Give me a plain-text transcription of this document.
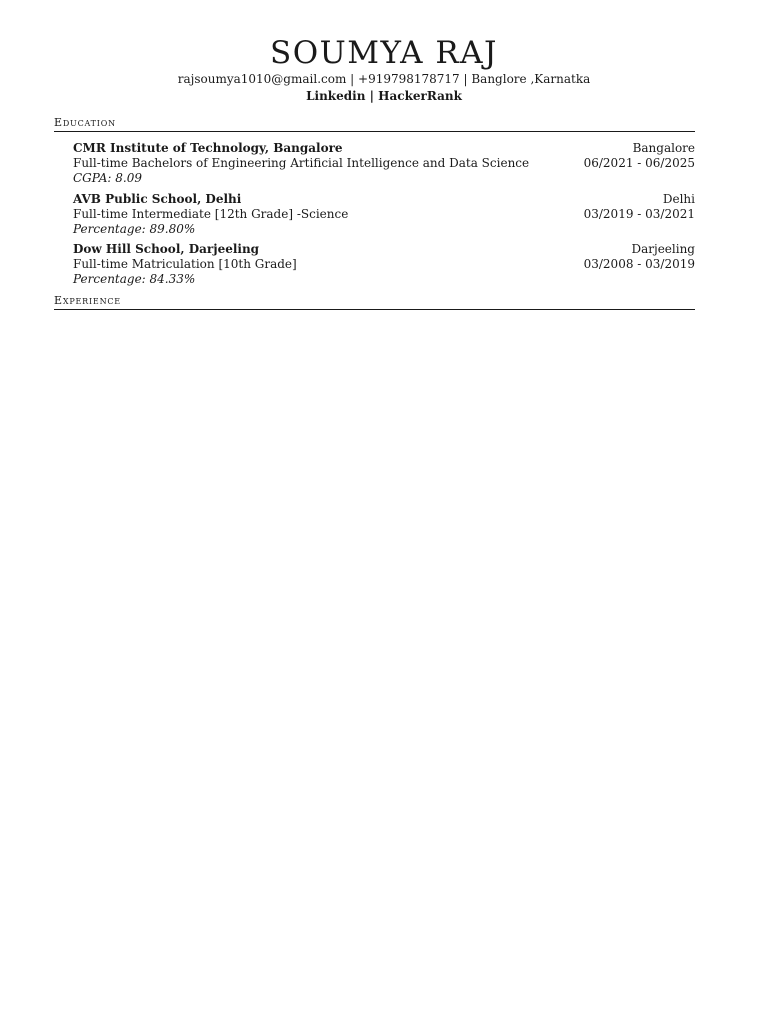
SOUMYA RAJ
rajsoumya1010@gmail.com | +919798178717 | Banglore ,Karnatka
Linkedin | HackerRank
Education
CMR Institute of Technology, Bangalore	Bangalore
Full-time Bachelors of Engineering Artificial Intelligence and Data Science	06/2021 - 06/2025
CGPA: 8.09
AVB Public School, Delhi	Delhi
Full-time Intermediate [12th Grade] -Science	03/2019 - 03/2021
Percentage: 89.80%
Dow Hill School, Darjeeling	Darjeeling
Full-time Matriculation [10th Grade]	03/2008 - 03/2019
Percentage: 84.33%
Experience
